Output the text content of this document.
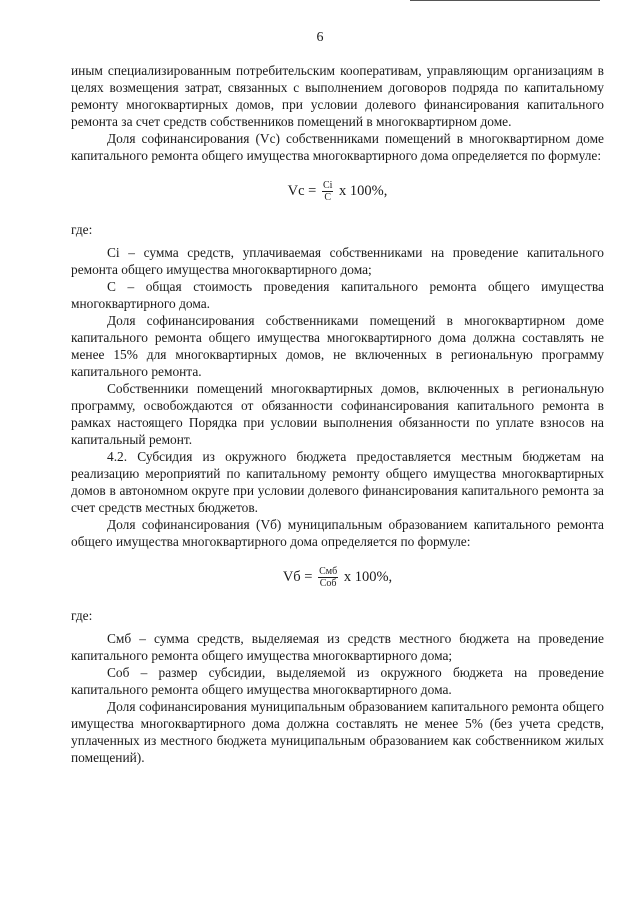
6

иным специализированным потребительским кооперативам, управляющим организациям в целях возмещения затрат, связанных с выполнением договоров подряда по капитальному ремонту многоквартирных домов, при условии долевого финансирования капитального ремонта за счет средств собственников помещений в многоквартирном доме.

Доля софинансирования (Vc) собственниками помещений в многоквартирном доме капитального ремонта общего имущества многоквартирного дома определяется по формуле:

$Vc = \frac{Ci}{C}$ x 100%,

где:

Ci – сумма средств, уплачиваемая собственниками на проведение капитального ремонта общего имущества многоквартирного дома;

С – общая стоимость проведения капитального ремонта общего имущества многоквартирного дома.

Доля софинансирования собственниками помещений в многоквартирном доме капитального ремонта общего имущества многоквартирного дома должна составлять не менее 15% для многоквартирных домов, не включенных в региональную программу капитального ремонта.

Собственники помещений многоквартирных домов, включенных в региональную программу, освобождаются от обязанности софинансирования капитального ремонта в рамках настоящего Порядка при условии выполнения обязанности по уплате взносов на капитальный ремонт.

4.2. Субсидия из окружного бюджета предоставляется местным бюджетам на реализацию мероприятий по капитальному ремонту общего имущества многоквартирных домов в автономном округе при условии долевого финансирования капитального ремонта за счет средств местных бюджетов.

Доля софинансирования (Vб) муниципальным образованием капитального ремонта общего имущества многоквартирного дома определяется по формуле:

Vб = $\frac{\text{Смб}}{\text{Соб}}$ x 100%,

где:

Смб – сумма средств, выделяемая из средств местного бюджета на проведение капитального ремонта общего имущества многоквартирного дома;

Соб – размер субсидии, выделяемой из окружного бюджета на проведение капитального ремонта общего имущества многоквартирного дома.

Доля софинансирования муниципальным образованием капитального ремонта общего имущества многоквартирного дома должна составлять не менее 5% (без учета средств, уплаченных из местного бюджета муниципальным образованием как собственником жилых помещений).
